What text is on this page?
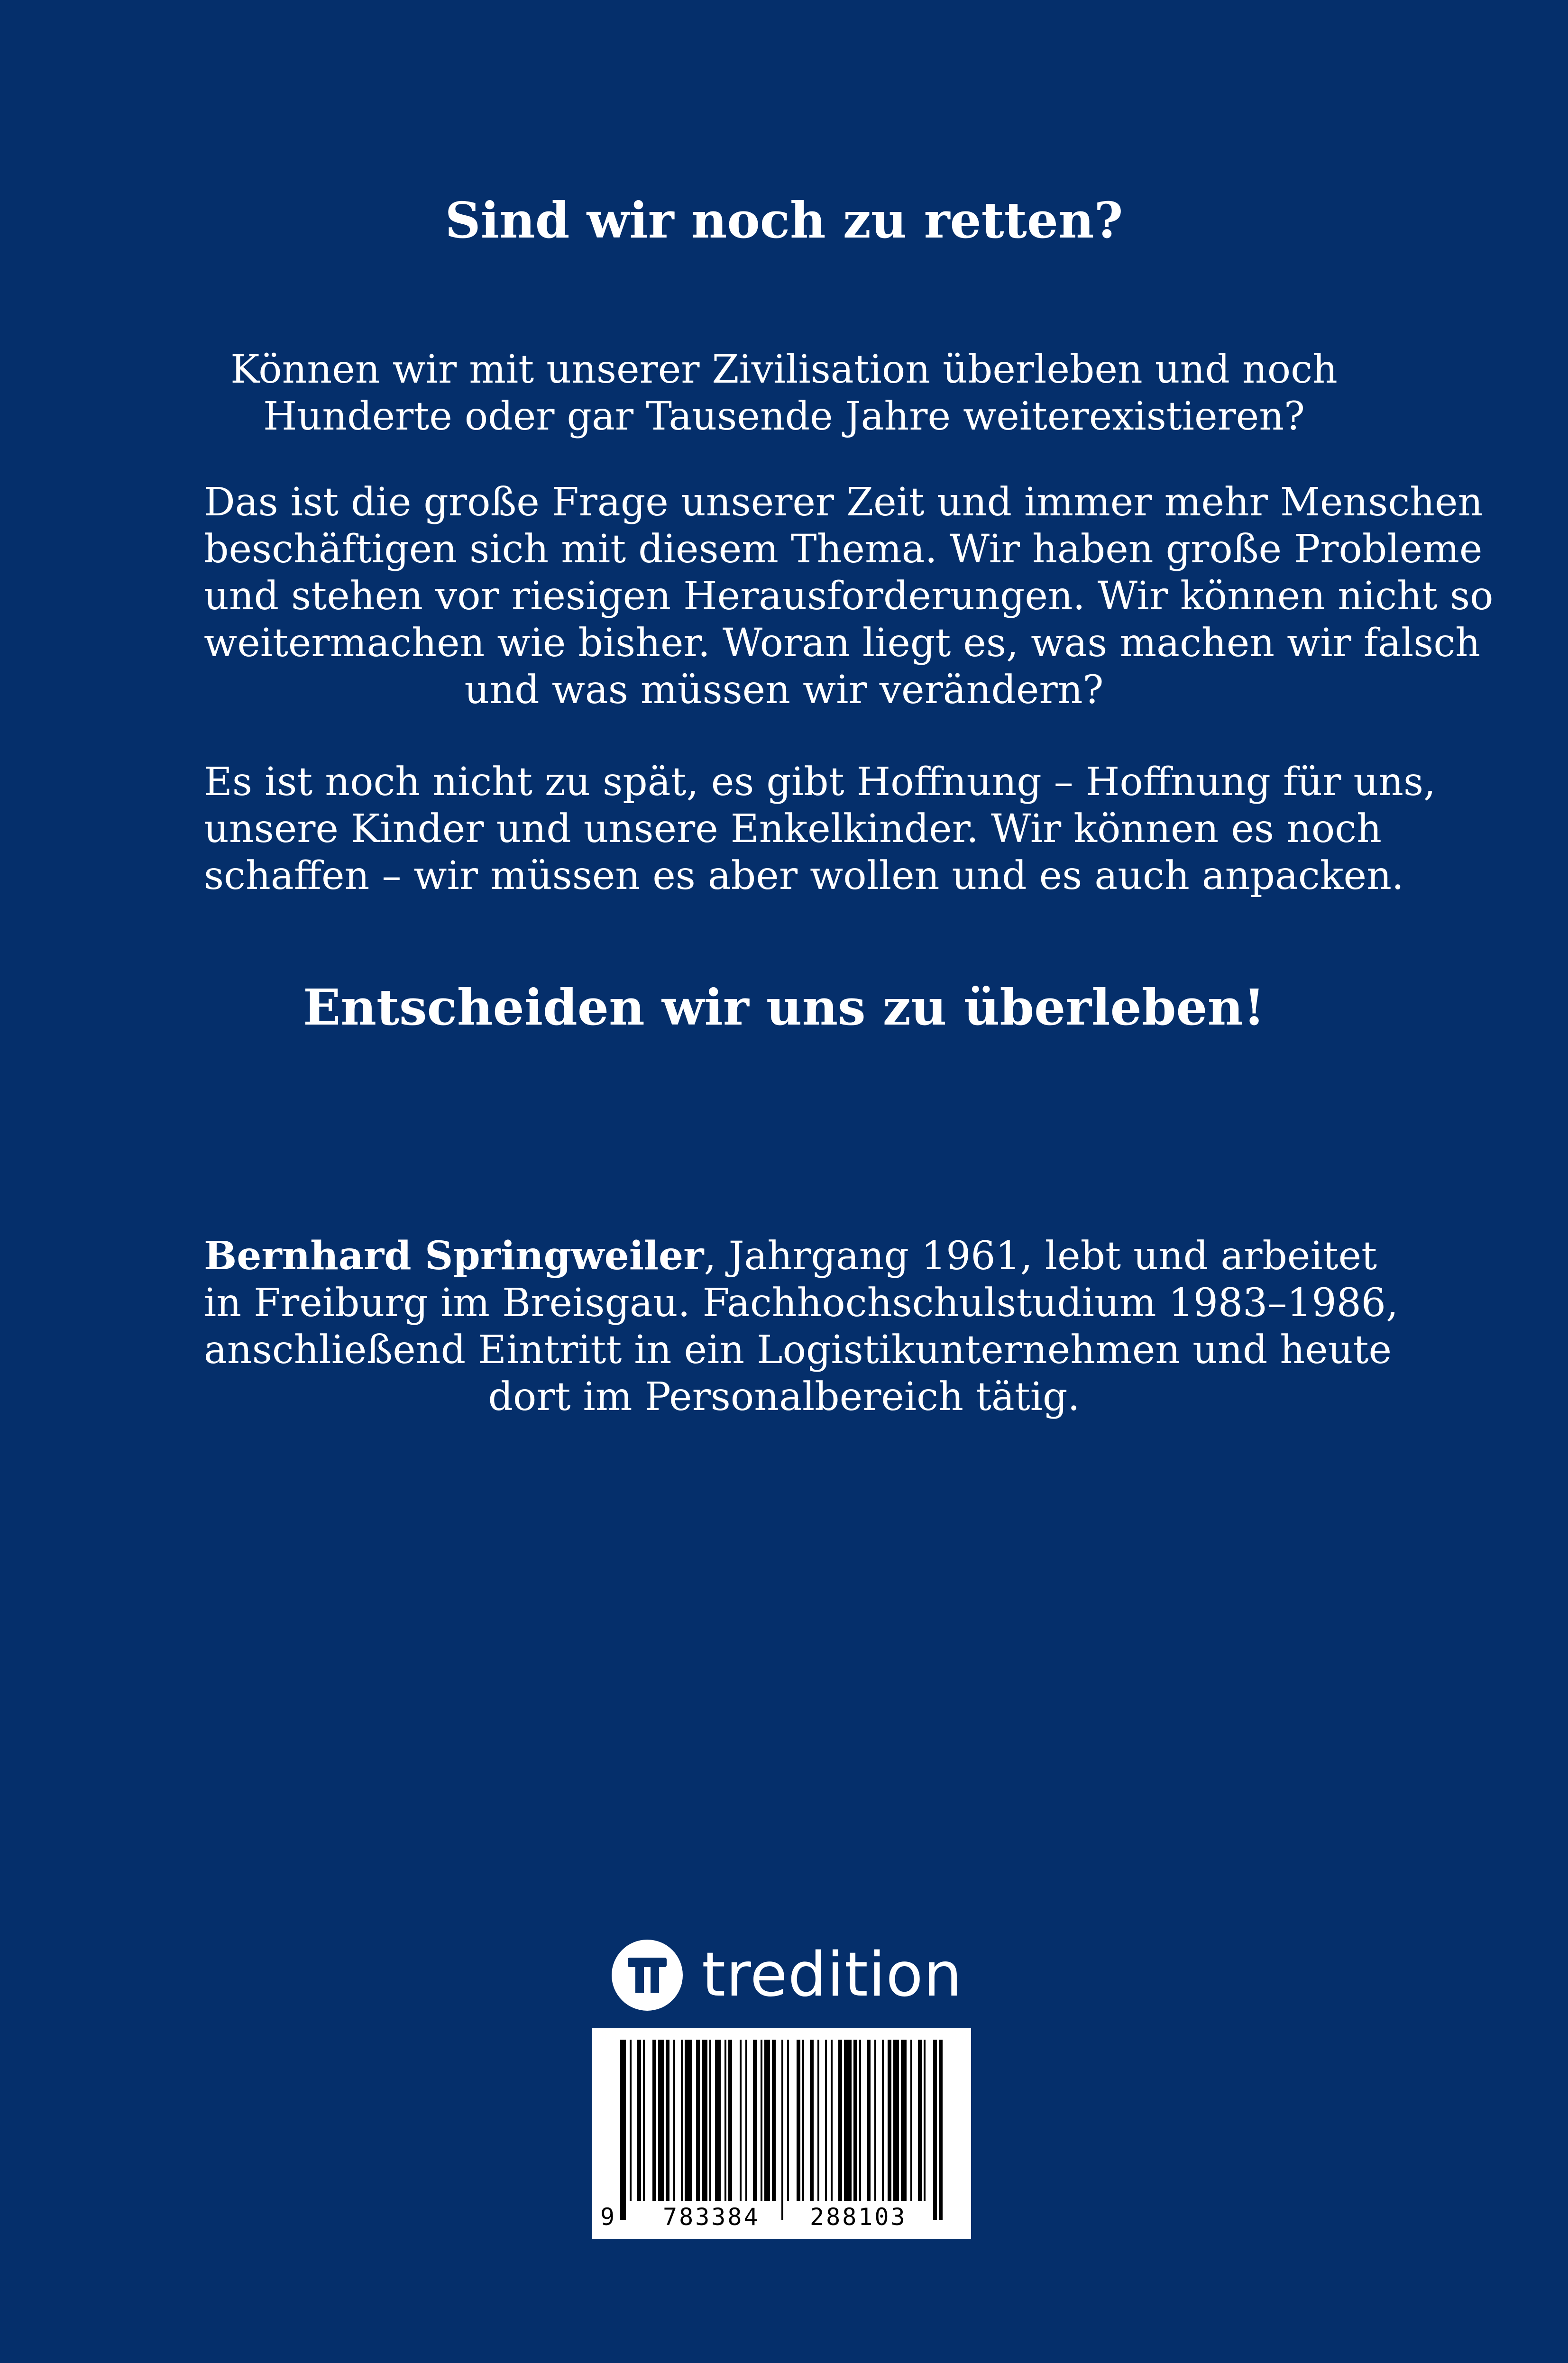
Sind wir noch zu retten?

Können wir mit unserer Zivilisation überleben und noch
Hunderte oder gar Tausende Jahre weiterexistieren?

Das ist die große Frage unserer Zeit und immer mehr Menschen
beschäftigen sich mit diesem Thema. Wir haben große Probleme
und stehen vor riesigen Herausforderungen. Wir können nicht so
weitermachen wie bisher. Woran liegt es, was machen wir falsch
und was müssen wir verändern?

Es ist noch nicht zu spät, es gibt Hoffnung – Hoffnung für uns,
unsere Kinder und unsere Enkelkinder. Wir können es noch
schaffen – wir müssen es aber wollen und es auch anpacken.

Entscheiden wir uns zu überleben!

Bernhard Springweiler, Jahrgang 1961, lebt und arbeitet
in Freiburg im Breisgau. Fachhochschulstudium 1983–1986,
anschließend Eintritt in ein Logistikunternehmen und heute
dort im Personalbereich tätig.

tredition
9 783384 288103
